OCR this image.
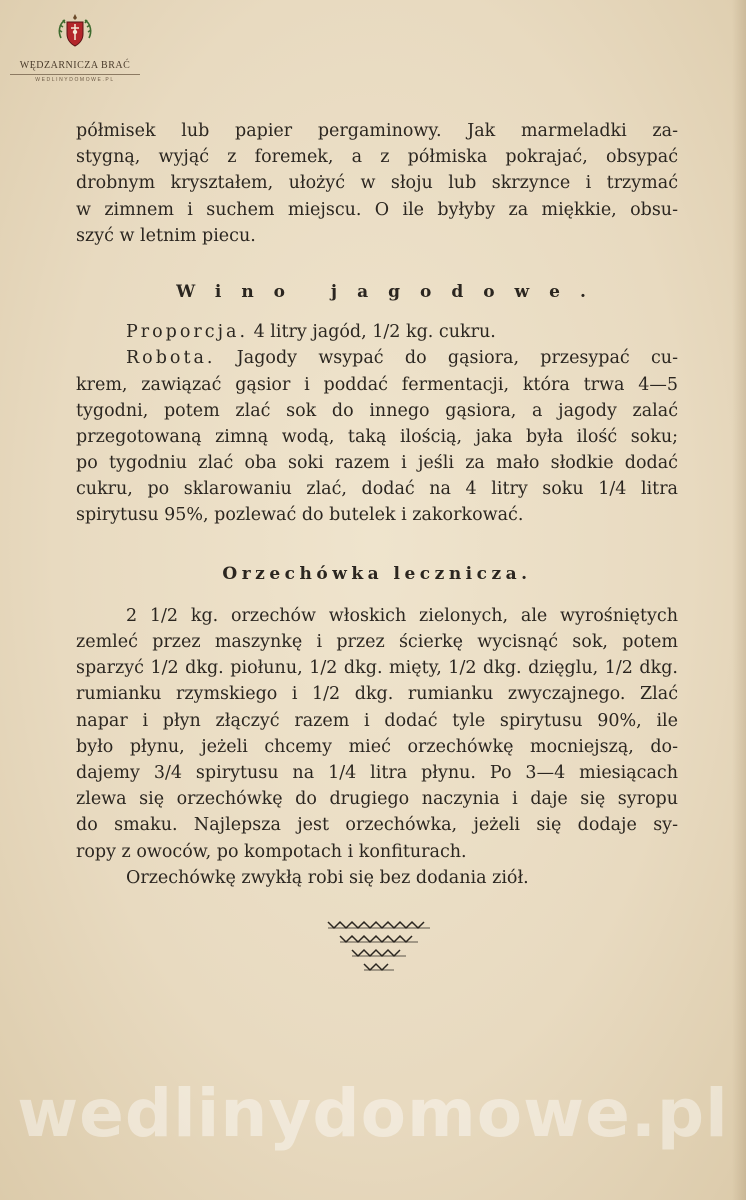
WĘDZARNICZA BRAĆ
WEDLINYDOMOWE.PL
półmisek lub papier pergaminowy. Jak marmeladki za-
stygną, wyjąć z foremek, a z półmiska pokrajać, obsypać
drobnym kryształem, ułożyć w słoju lub skrzynce i trzymać
w zimnem i suchem miejscu. O ile byłyby za miękkie, obsu-
szyć w letnim piecu.
Wino jagodowe.
Proporcja. 4 litry jagód, 1/2 kg. cukru.
Robota. Jagody wsypać do gąsiora, przesypać cu-
krem, zawiązać gąsior i poddać fermentacji, która trwa 4—5
tygodni, potem zlać sok do innego gąsiora, a jagody zalać
przegotowaną zimną wodą, taką ilością, jaka była ilość soku;
po tygodniu zlać oba soki razem i jeśli za mało słodkie dodać
cukru, po sklarowaniu zlać, dodać na 4 litry soku 1/4 litra
spirytusu 95%, pozlewać do butelek i zakorkować.
Orzechówka lecznicza.
2 1/2 kg. orzechów włoskich zielonych, ale wyrośniętych
zemleć przez maszynkę i przez ścierkę wycisnąć sok, potem
sparzyć 1/2 dkg. piołunu, 1/2 dkg. mięty, 1/2 dkg. dzięglu, 1/2 dkg.
rumianku rzymskiego i 1/2 dkg. rumianku zwyczajnego. Zlać
napar i płyn złączyć razem i dodać tyle spirytusu 90%, ile
było płynu, jeżeli chcemy mieć orzechówkę mocniejszą, do-
dajemy 3/4 spirytusu na 1/4 litra płynu. Po 3—4 miesiącach
zlewa się orzechówkę do drugiego naczynia i daje się syropu
do smaku. Najlepsza jest orzechówka, jeżeli się dodaje sy-
ropy z owoców, po kompotach i konfiturach.
Orzechówkę zwykłą robi się bez dodania ziół.
wedlinydomowe.pl
